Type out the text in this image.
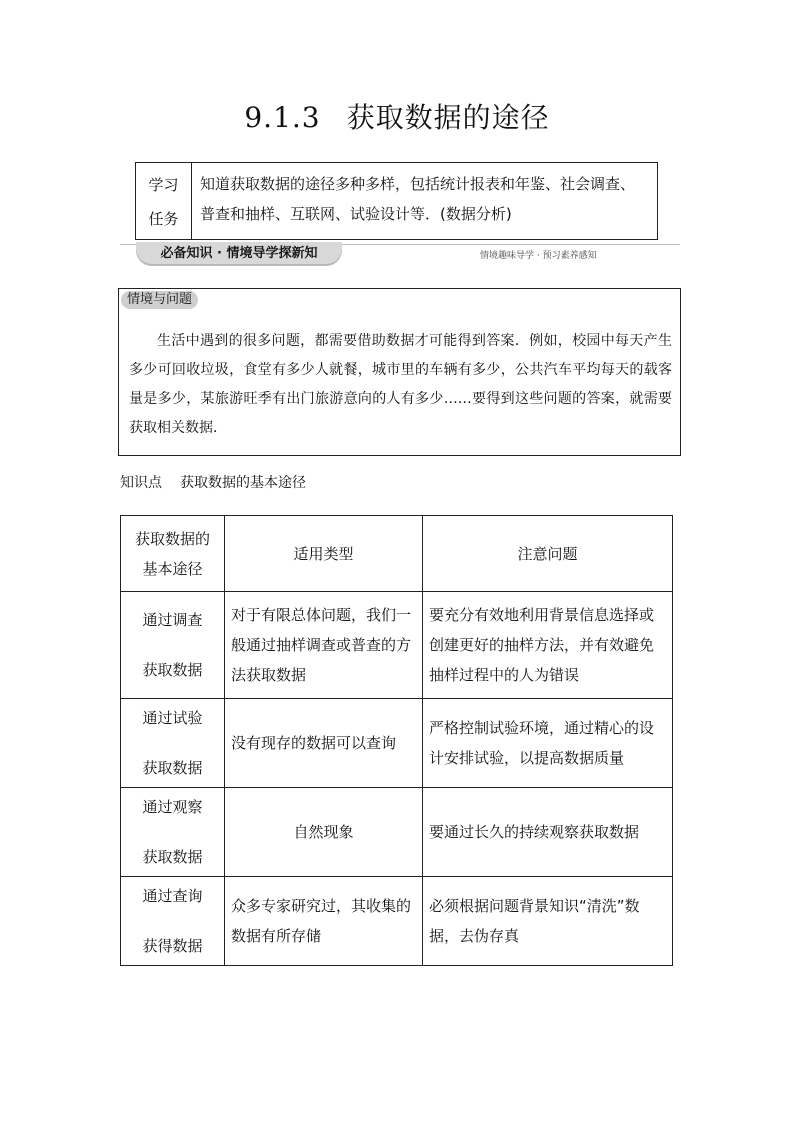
9.1.3 获取数据的途径
学习
任务
知道获取数据的途径多种多样，包括统计报表和年鉴、社会调查、普查和抽样、互联网、试验设计等．(数据分析)
必备知识 · 情境导学探新知	情境趣味导学 · 预习素养感知
情境与问题
生活中遇到的很多问题，都需要借助数据才可能得到答案．例如，校园中每天产生多少可回收垃圾，食堂有多少人就餐，城市里的车辆有多少，公共汽车平均每天的载客量是多少，某旅游旺季有出门旅游意向的人有多少……要得到这些问题的答案，就需要获取相关数据．
知识点 获取数据的基本途径
获取数据的
基本途径	适用类型	注意问题

通过调查
获取数据	对于有限总体问题，我们一般通过抽样调查或普查的方法获取数据	要充分有效地利用背景信息选择或创建更好的抽样方法，并有效避免抽样过程中的人为错误

通过试验
获取数据	没有现存的数据可以查询	严格控制试验环境，通过精心的设计安排试验，以提高数据质量

通过观察
获取数据	自然现象	要通过长久的持续观察获取数据

通过查询
获得数据	众多专家研究过，其收集的数据有所存储	必须根据问题背景知识“清洗”数据，去伪存真
